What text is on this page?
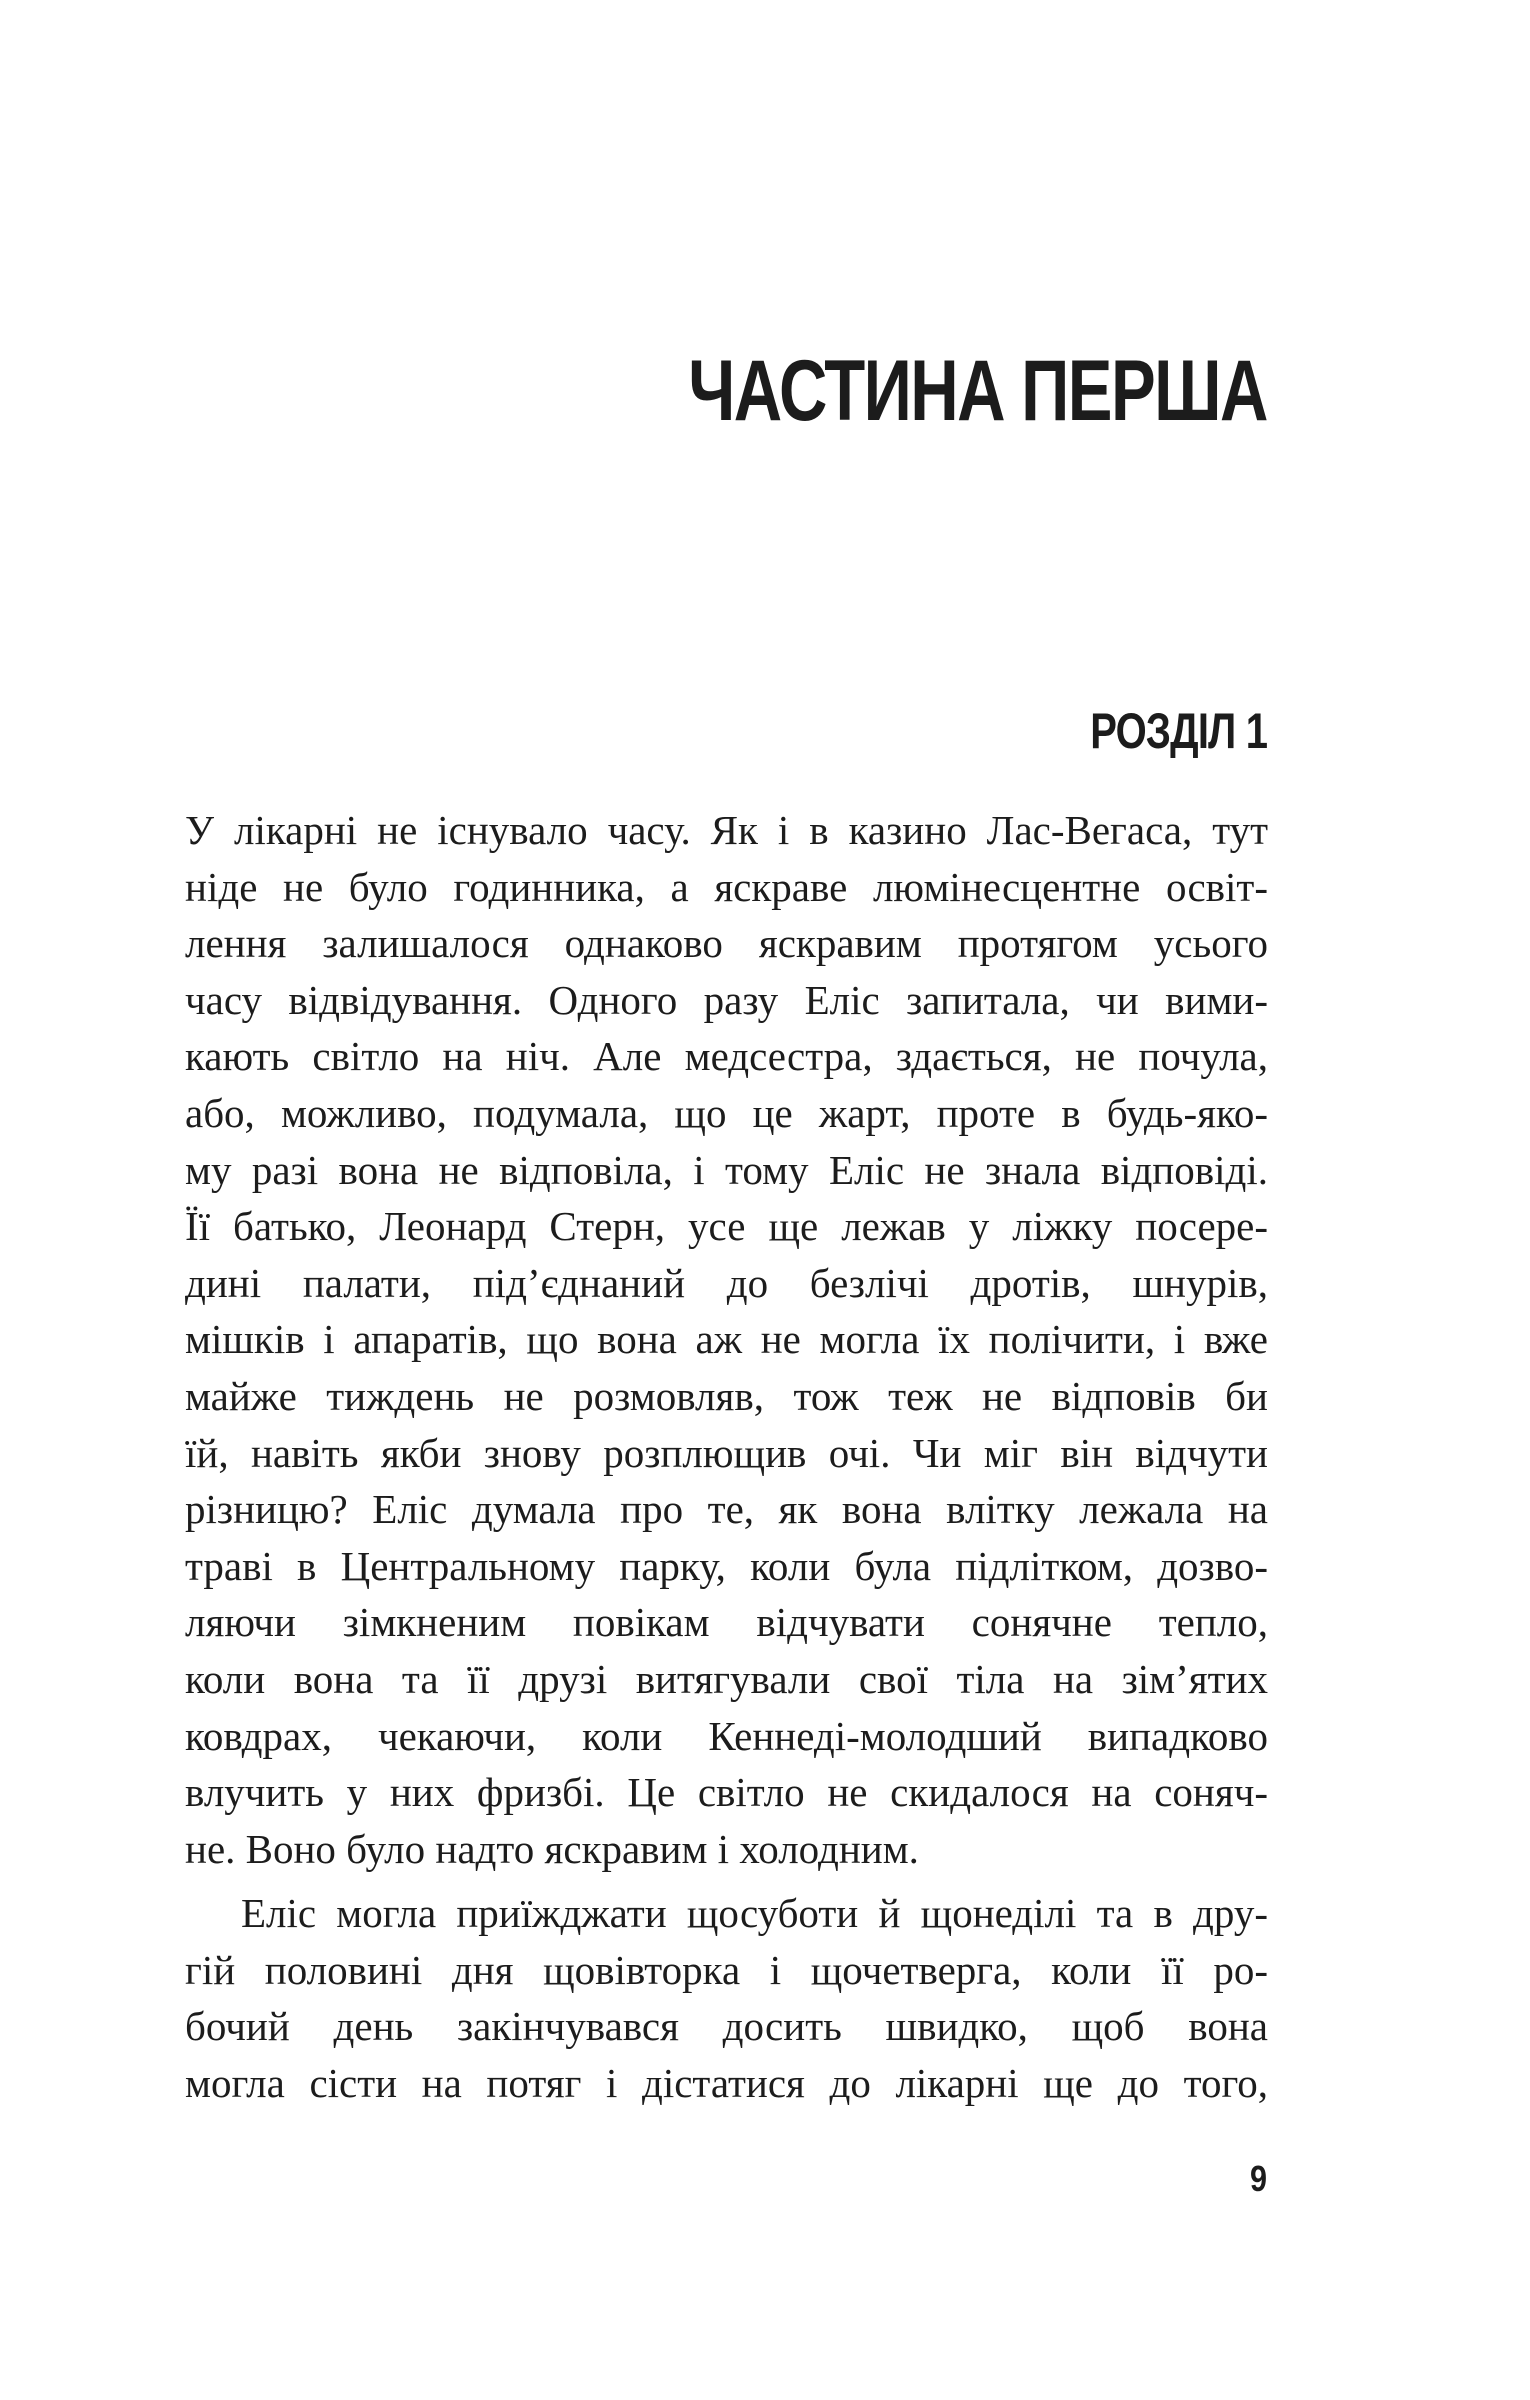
ЧАСТИНА ПЕРША
РОЗДІЛ 1
У лікарні не існувало часу. Як і в казино Лас-Вегаса, тут
ніде не було годинника, а яскраве люмінесцентне освіт-
лення залишалося однаково яскравим протягом усього
часу відвідування. Одного разу Еліс запитала, чи вими-
кають світло на ніч. Але медсестра, здається, не почула,
або, можливо, подумала, що це жарт, проте в будь-яко-
му разі вона не відповіла, і тому Еліс не знала відповіді.
Її батько, Леонард Стерн, усе ще лежав у ліжку посере-
дині палати, під’єднаний до безлічі дротів, шнурів,
мішків і апаратів, що вона аж не могла їх полічити, і вже
майже тиждень не розмовляв, тож теж не відповів би
їй, навіть якби знову розплющив очі. Чи міг він відчути
різницю? Еліс думала про те, як вона влітку лежала на
траві в Центральному парку, коли була підлітком, дозво-
ляючи зімкненим повікам відчувати сонячне тепло,
коли вона та її друзі витягували свої тіла на зім’ятих
ковдрах, чекаючи, коли Кеннеді-молодший випадково
влучить у них фризбі. Це світло не скидалося на соняч-
не. Воно було надто яскравим і холодним.
Еліс могла приїжджати щосуботи й щонеділі та в дру-
гій половині дня щовівторка і щочетверга, коли її ро-
бочий день закінчувався досить швидко, щоб вона
могла сісти на потяг і дістатися до лікарні ще до того,
9
